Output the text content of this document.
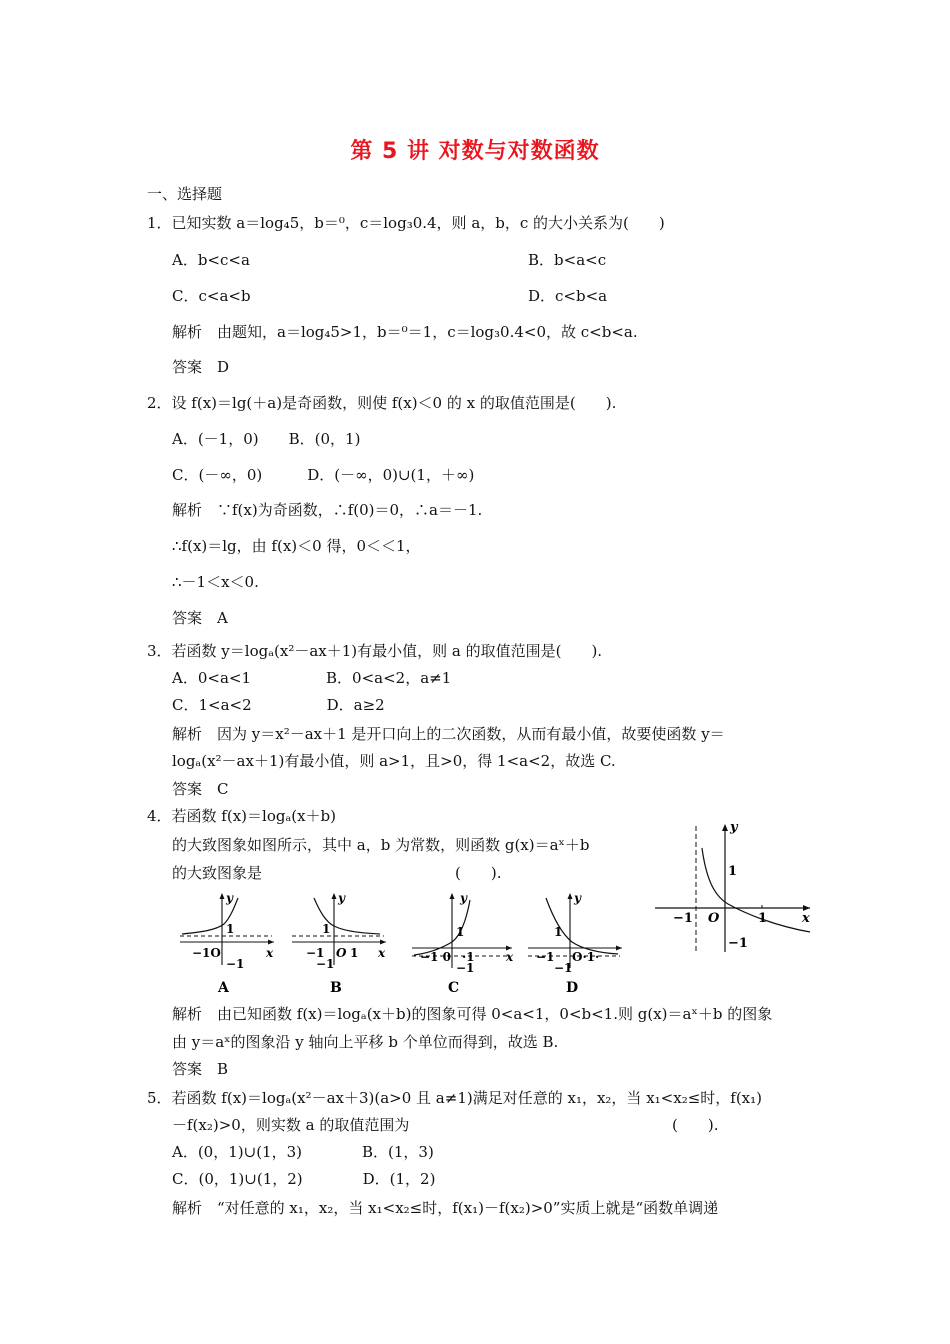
第 5 讲 对数与对数函数
一、选择题
1．已知实数 a＝log₄5，b＝⁰，c＝log₃0.4，则 a，b，c 的大小关系为(　　)
A．b<c<a	B．b<a<c
C．c<a<b	D．c<b<a
解析　由题知，a＝log₄5>1，b＝⁰＝1，c＝log₃0.4<0，故 c<b<a.
答案　D
2．设 f(x)＝lg(＋a)是奇函数，则使 f(x)＜0 的 x 的取值范围是(　　).
A．(－1，0)　　B．(0，1)
C．(－∞，0)　　　D．(－∞，0)∪(1，＋∞)
解析　∵f(x)为奇函数，∴f(0)＝0，∴a＝－1.
∴f(x)＝lg，由 f(x)＜0 得，0＜＜1，
∴－1＜x＜0.
答案　A
3．若函数 y＝logₐ(x²－ax＋1)有最小值，则 a 的取值范围是(　　).
A．0<a<1　　　　　B．0<a<2，a≠1
C．1<a<2　　　　　D．a≥2
解析　因为 y＝x²－ax＋1 是开口向上的二次函数，从而有最小值，故要使函数 y＝
logₐ(x²－ax＋1)有最小值，则 a>1，且>0，得 1<a<2，故选 C.
答案　C
4．若函数 f(x)＝logₐ(x＋b)
的大致图象如图所示，其中 a，b 为常数，则函数 g(x)＝aˣ＋b
的大致图象是	(　　).
y
x
O
−1	1
1
−1
y
x
1
−1O
−1
A
y
x
1
−1 O 1
−1
B
y
x
1
−1 0 ·1
−1
C
y
1
−1 O·1·
−1
D
解析　由已知函数 f(x)＝logₐ(x＋b)的图象可得 0<a<1，0<b<1.则 g(x)＝aˣ＋b 的图象
由 y＝aˣ的图象沿 y 轴向上平移 b 个单位而得到，故选 B.
答案　B
5．若函数 f(x)＝logₐ(x²－ax＋3)(a>0 且 a≠1)满足对任意的 x₁，x₂，当 x₁<x₂≤时，f(x₁)
－f(x₂)>0，则实数 a 的取值范围为	(　　).
A．(0，1)∪(1，3)　　　　B．(1，3)
C．(0，1)∪(1，2)　　　　D．(1，2)
解析　“对任意的 x₁，x₂，当 x₁<x₂≤时，f(x₁)－f(x₂)>0”实质上就是“函数单调递
